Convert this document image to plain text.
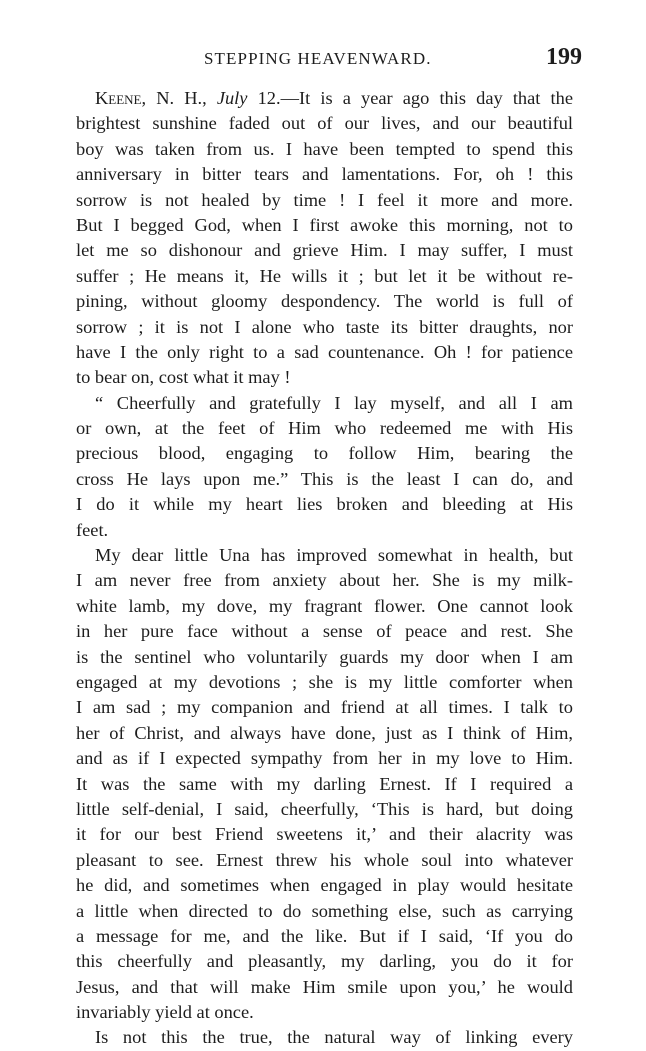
STEPPING HEAVENWARD.	199
Keene, N. H., July 12.—It is a year ago this day that the
brightest sunshine faded out of our lives, and our beautiful
boy was taken from us. I have been tempted to spend this
anniversary in bitter tears and lamentations. For, oh ! this
sorrow is not healed by time ! I feel it more and more.
But I begged God, when I first awoke this morning, not to
let me so dishonour and grieve Him. I may suffer, I must
suffer ; He means it, He wills it ; but let it be without re-
pining, without gloomy despondency. The world is full of
sorrow ; it is not I alone who taste its bitter draughts, nor
have I the only right to a sad countenance. Oh ! for patience
to bear on, cost what it may !
“ Cheerfully and gratefully I lay myself, and all I am
or own, at the feet of Him who redeemed me with His
precious blood, engaging to follow Him, bearing the
cross He lays upon me.” This is the least I can do, and
I do it while my heart lies broken and bleeding at His
feet.
My dear little Una has improved somewhat in health, but
I am never free from anxiety about her. She is my milk-
white lamb, my dove, my fragrant flower. One cannot look
in her pure face without a sense of peace and rest. She
is the sentinel who voluntarily guards my door when I am
engaged at my devotions ; she is my little comforter when
I am sad ; my companion and friend at all times. I talk to
her of Christ, and always have done, just as I think of Him,
and as if I expected sympathy from her in my love to Him.
It was the same with my darling Ernest. If I required a
little self-denial, I said, cheerfully, ‘This is hard, but doing
it for our best Friend sweetens it,’ and their alacrity was
pleasant to see. Ernest threw his whole soul into whatever
he did, and sometimes when engaged in play would hesitate
a little when directed to do something else, such as carrying
a message for me, and the like. But if I said, ‘If you do
this cheerfully and pleasantly, my darling, you do it for
Jesus, and that will make Him smile upon you,’ he would
invariably yield at once.
Is not this the true, the natural way of linking every
